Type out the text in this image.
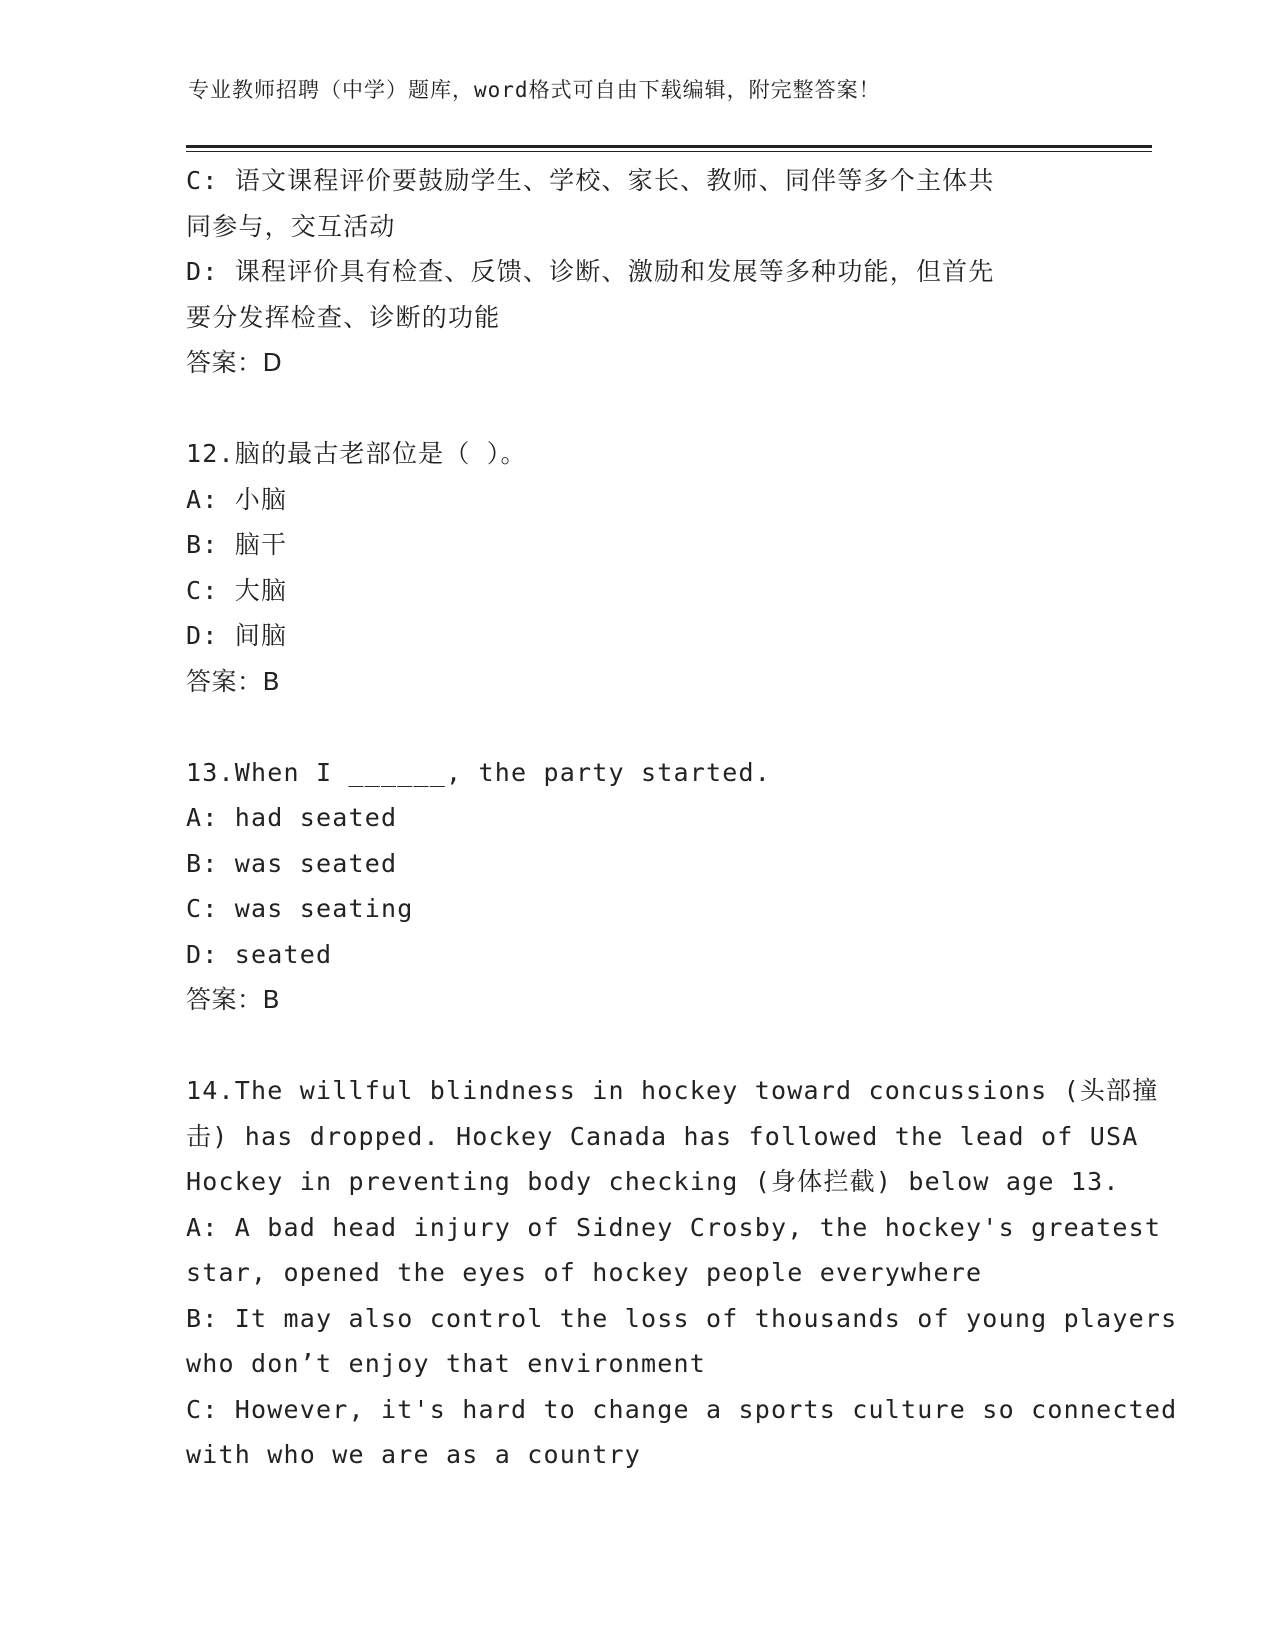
专业教师招聘（中学）题库，word格式可自由下载编辑，附完整答案！
C: 语文课程评价要鼓励学生、学校、家长、教师、同伴等多个主体共
同参与，交互活动
D: 课程评价具有检查、反馈、诊断、激励和发展等多种功能，但首先
要分发挥检查、诊断的功能
答案：D
12.脑的最古老部位是（ ）。
A: 小脑
B: 脑干
C: 大脑
D: 间脑
答案：B
13.When I ______, the party started.
A: had seated
B: was seated
C: was seating
D: seated
答案：B
14.The willful blindness in hockey toward concussions (头部撞
击) has dropped. Hockey Canada has followed the lead of USA
Hockey in preventing body checking (身体拦截) below age 13.
A: A bad head injury of Sidney Crosby, the hockey's greatest
star, opened the eyes of hockey people everywhere
B: It may also control the loss of thousands of young players
who don’t enjoy that environment
C: However, it's hard to change a sports culture so connected
with who we are as a country
